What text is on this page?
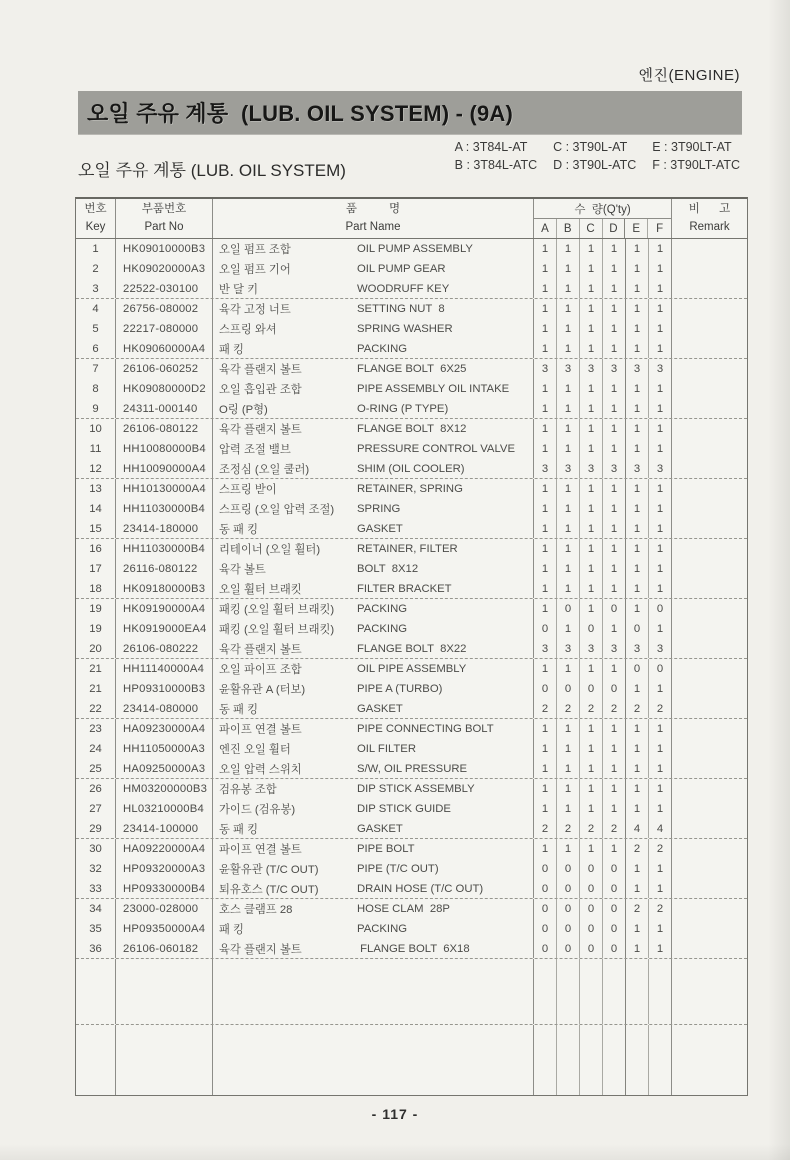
엔진(ENGINE)
오일 주유 계통  (LUB. OIL SYSTEM) - (9A)
오일 주유 계통 (LUB. OIL SYSTEM)
A : 3T84L-AT	C : 3T90L-AT	E : 3T90LT-AT
B : 3T84L-ATC D : 3T90L-ATC F : 3T90LT-ATC
번호
Key
부품번호
Part No
품          명
Part Name
수  량(Q'ty)
A	B	C	D	E	F
비      고
Remark
1	HK09010000B3	오일 펌프 조합	OIL PUMP ASSEMBLY	1	1	1	1	1	1
2	HK09020000A3	오일 펌프 기어	OIL PUMP GEAR	1	1	1	1	1	1
3	22522-030100	반 달 키	WOODRUFF KEY	1	1	1	1	1	1
4	26756-080002	육각 고정 너트	SETTING NUT  8	1	1	1	1	1	1
5	22217-080000	스프링 와셔	SPRING WASHER	1	1	1	1	1	1
6	HK09060000A4	패 킹	PACKING	1	1	1	1	1	1
7	26106-060252	육각 플랜지 볼트	FLANGE BOLT  6X25	3	3	3	3	3	3
8	HK09080000D2	오일 흡입관 조합	PIPE ASSEMBLY OIL INTAKE	1	1	1	1	1	1
9	24311-000140	O링 (P형)	O-RING (P TYPE)	1	1	1	1	1	1
10	26106-080122	육각 플랜지 볼트	FLANGE BOLT  8X12	1	1	1	1	1	1
11	HH10080000B4	압력 조절 밸브	PRESSURE CONTROL VALVE	1	1	1	1	1	1
12	HH10090000A4	조정심 (오일 쿨러)	SHIM (OIL COOLER)	3	3	3	3	3	3
13	HH10130000A4	스프링 받이	RETAINER, SPRING	1	1	1	1	1	1
14	HH11030000B4	스프링 (오일 압력 조절)	SPRING	1	1	1	1	1	1
15	23414-180000	동 패 킹	GASKET	1	1	1	1	1	1
16	HH11030000B4	리테이너 (오일 휠터)	RETAINER, FILTER	1	1	1	1	1	1
17	26116-080122	육각 볼트	BOLT  8X12	1	1	1	1	1	1
18	HK09180000B3	오일 휠터 브래킷	FILTER BRACKET	1	1	1	1	1	1
19	HK09190000A4	패킹 (오일 휠터 브래킷)	PACKING	1	0	1	0	1	0
19	HK0919000EA4	패킹 (오일 휠터 브래킷)	PACKING	0	1	0	1	0	1
20	26106-080222	육각 플랜지 볼트	FLANGE BOLT  8X22	3	3	3	3	3	3
21	HH11140000A4	오일 파이프 조합	OIL PIPE ASSEMBLY	1	1	1	1	0	0
21	HP09310000B3	윤활유관 A (터보)	PIPE A (TURBO)	0	0	0	0	1	1
22	23414-080000	동 패 킹	GASKET	2	2	2	2	2	2
23	HA09230000A4	파이프 연결 볼트	PIPE CONNECTING BOLT	1	1	1	1	1	1
24	HH11050000A3	엔진 오일 휠터	OIL FILTER	1	1	1	1	1	1
25	HA09250000A3	오일 압력 스위치	S/W, OIL PRESSURE	1	1	1	1	1	1
26	HM03200000B3	검유봉 조합	DIP STICK ASSEMBLY	1	1	1	1	1	1
27	HL03210000B4	가이드 (검유봉)	DIP STICK GUIDE	1	1	1	1	1	1
29	23414-100000	동 패 킹	GASKET	2	2	2	2	4	4
30	HA09220000A4	파이프 연결 볼트	PIPE BOLT	1	1	1	1	2	2
32	HP09320000A3	윤활유관 (T/C OUT)	PIPE (T/C OUT)	0	0	0	0	1	1
33	HP09330000B4	퇴유호스 (T/C OUT)	DRAIN HOSE (T/C OUT)	0	0	0	0	1	1
34	23000-028000	호스 클램프 28	HOSE CLAM  28P	0	0	0	0	2	2
35	HP09350000A4	패 킹	PACKING	0	0	0	0	1	1
36	26106-060182	육각 플랜지 볼트	FLANGE BOLT  6X18	0	0	0	0	1	1
- 117 -
